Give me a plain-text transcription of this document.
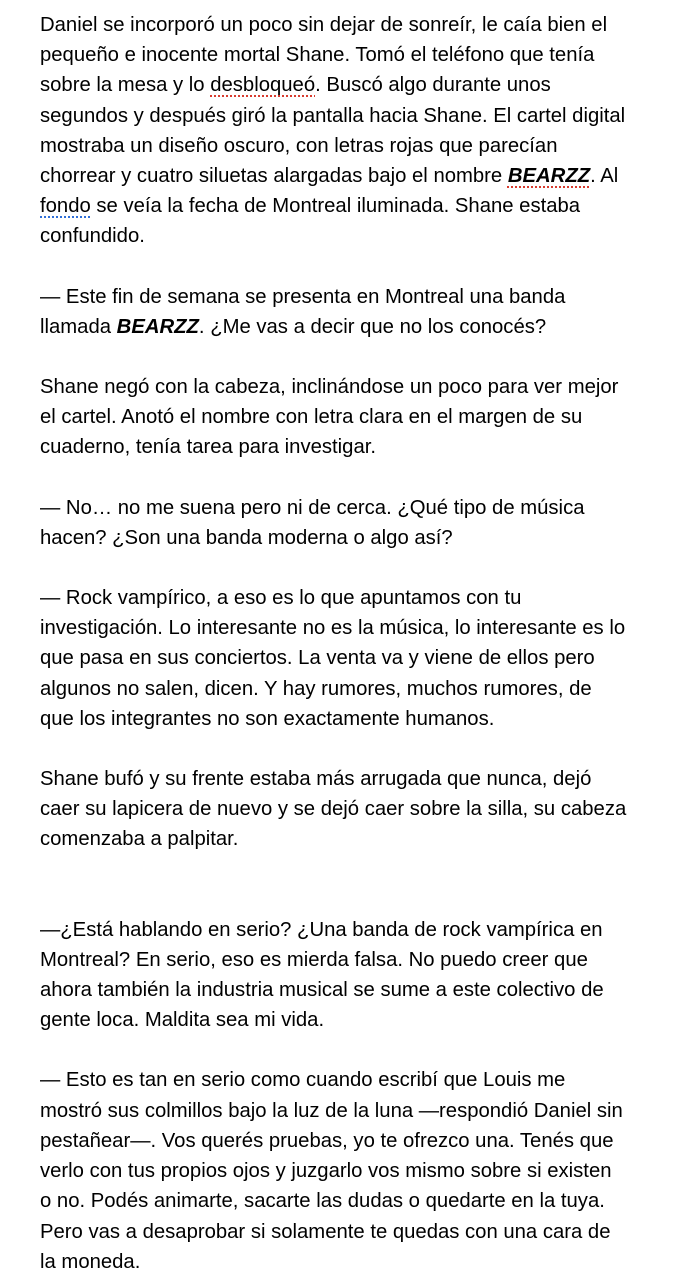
Daniel se incorporó un poco sin dejar de sonreír, le caía bien el
pequeño e inocente mortal Shane. Tomó el teléfono que tenía
sobre la mesa y lo desbloqueó. Buscó algo durante unos
segundos y después giró la pantalla hacia Shane. El cartel digital
mostraba un diseño oscuro, con letras rojas que parecían
chorrear y cuatro siluetas alargadas bajo el nombre BEARZZ. Al
fondo se veía la fecha de Montreal iluminada. Shane estaba
confundido.

— Este fin de semana se presenta en Montreal una banda
llamada BEARZZ. ¿Me vas a decir que no los conocés?

Shane negó con la cabeza, inclinándose un poco para ver mejor
el cartel. Anotó el nombre con letra clara en el margen de su
cuaderno, tenía tarea para investigar.

— No… no me suena pero ni de cerca. ¿Qué tipo de música
hacen? ¿Son una banda moderna o algo así?

— Rock vampírico, a eso es lo que apuntamos con tu
investigación. Lo interesante no es la música, lo interesante es lo
que pasa en sus conciertos. La venta va y viene de ellos pero
algunos no salen, dicen. Y hay rumores, muchos rumores, de
que los integrantes no son exactamente humanos.

Shane bufó y su frente estaba más arrugada que nunca, dejó
caer su lapicera de nuevo y se dejó caer sobre la silla, su cabeza
comenzaba a palpitar.

—¿Está hablando en serio? ¿Una banda de rock vampírica en
Montreal? En serio, eso es mierda falsa. No puedo creer que
ahora también la industria musical se sume a este colectivo de
gente loca. Maldita sea mi vida.

— Esto es tan en serio como cuando escribí que Louis me
mostró sus colmillos bajo la luz de la luna —respondió Daniel sin
pestañear—. Vos querés pruebas, yo te ofrezco una. Tenés que
verlo con tus propios ojos y juzgarlo vos mismo sobre si existen
o no. Podés animarte, sacarte las dudas o quedarte en la tuya.
Pero vas a desaprobar si solamente te quedas con una cara de
la moneda.
